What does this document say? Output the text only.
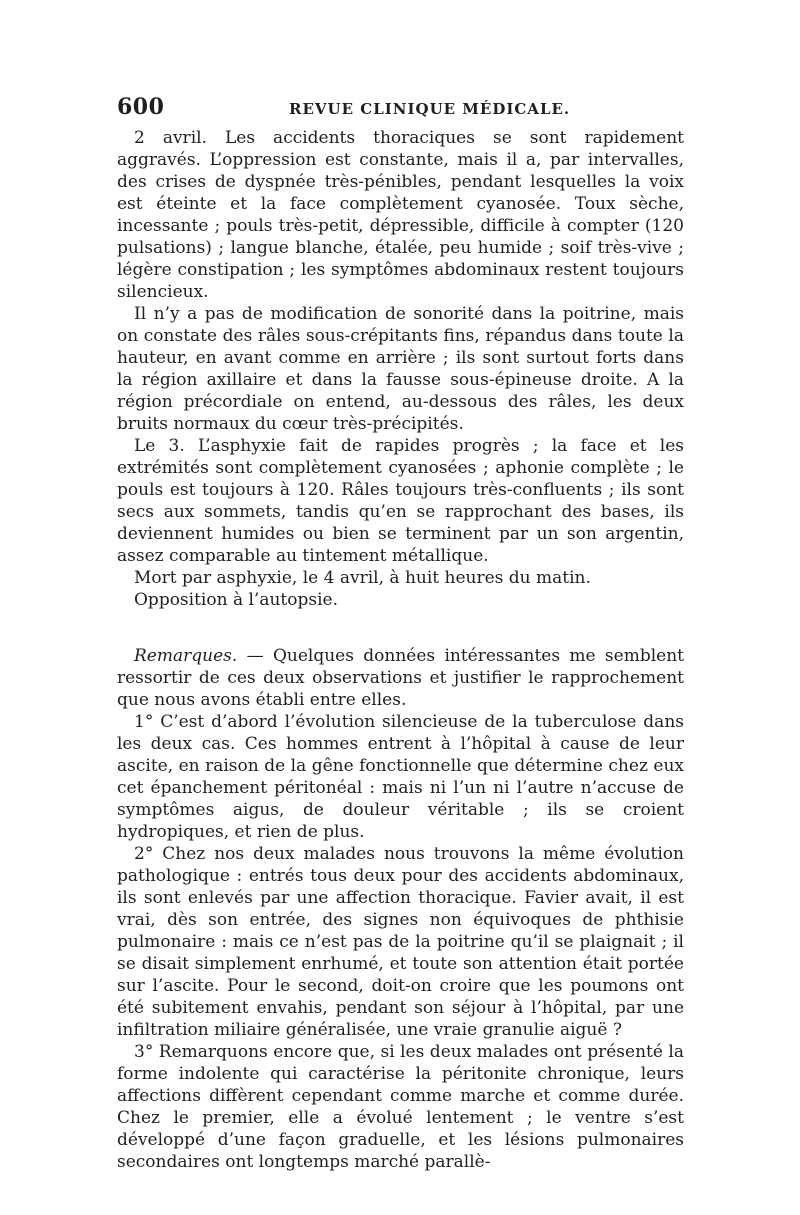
600	REVUE CLINIQUE MÉDICALE.

2 avril. Les accidents thoraciques se sont rapidement aggravés. L’oppression est constante, mais il a, par intervalles, des crises de dyspnée très-pénibles, pendant lesquelles la voix est éteinte et la face complètement cyanosée. Toux sèche, incessante ; pouls très-petit, dépressible, difficile à compter (120 pulsations) ; langue blanche, étalée, peu humide ; soif très-vive ; légère constipation ; les symptômes abdominaux restent toujours silencieux.

Il n’y a pas de modification de sonorité dans la poitrine, mais on constate des râles sous-crépitants fins, répandus dans toute la hauteur, en avant comme en arrière ; ils sont surtout forts dans la région axillaire et dans la fausse sous-épineuse droite. A la région précordiale on entend, au-dessous des râles, les deux bruits normaux du cœur très-précipités.

Le 3. L’asphyxie fait de rapides progrès ; la face et les extrémités sont complètement cyanosées ; aphonie complète ; le pouls est toujours à 120. Râles toujours très-confluents ; ils sont secs aux sommets, tandis qu’en se rapprochant des bases, ils deviennent humides ou bien se terminent par un son argentin, assez comparable au tintement métallique.

Mort par asphyxie, le 4 avril, à huit heures du matin.

Opposition à l’autopsie.

Remarques. — Quelques données intéressantes me semblent ressortir de ces deux observations et justifier le rapprochement que nous avons établi entre elles.

1° C’est d’abord l’évolution silencieuse de la tuberculose dans les deux cas. Ces hommes entrent à l’hôpital à cause de leur ascite, en raison de la gêne fonctionnelle que détermine chez eux cet épanchement péritonéal : mais ni l’un ni l’autre n’accuse de symptômes aigus, de douleur véritable ; ils se croient hydropiques, et rien de plus.

2° Chez nos deux malades nous trouvons la même évolution pathologique : entrés tous deux pour des accidents abdominaux, ils sont enlevés par une affection thoracique. Favier avait, il est vrai, dès son entrée, des signes non équivoques de phthisie pulmonaire : mais ce n’est pas de la poitrine qu’il se plaignait ; il se disait simplement enrhumé, et toute son attention était portée sur l’ascite. Pour le second, doit-on croire que les poumons ont été subitement envahis, pendant son séjour à l’hôpital, par une infiltration miliaire généralisée, une vraie granulie aiguë ?

3° Remarquons encore que, si les deux malades ont présenté la forme indolente qui caractérise la péritonite chronique, leurs affections diffèrent cependant comme marche et comme durée. Chez le premier, elle a évolué lentement ; le ventre s’est développé d’une façon graduelle, et les lésions pulmonaires secondaires ont longtemps marché parallè-
